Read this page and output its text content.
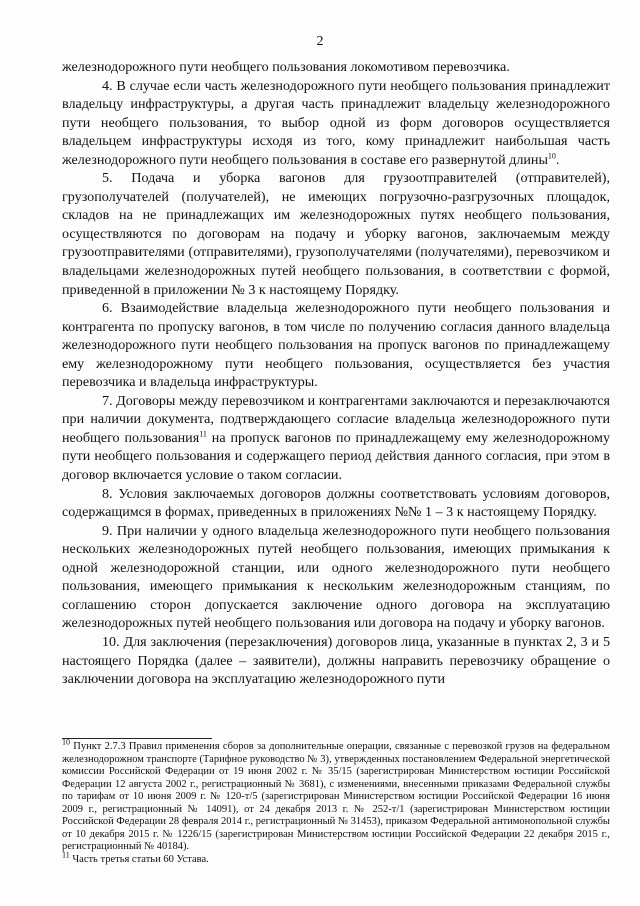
2

железнодорожного пути необщего пользования локомотивом перевозчика.

4. В случае если часть железнодорожного пути необщего пользования принадлежит владельцу инфраструктуры, а другая часть принадлежит владельцу железнодорожного пути необщего пользования, то выбор одной из форм договоров осуществляется владельцем инфраструктуры исходя из того, кому принадлежит наибольшая часть железнодорожного пути необщего пользования в составе его развернутой длины$^{10}$.

5. Подача и уборка вагонов для грузоотправителей (отправителей), грузополучателей (получателей), не имеющих погрузочно-разгрузочных площадок, складов на не принадлежащих им железнодорожных путях необщего пользования, осуществляются по договорам на подачу и уборку вагонов, заключаемым между грузоотправителями (отправителями), грузополучателями (получателями), перевозчиком и владельцами железнодорожных путей необщего пользования, в соответствии с формой, приведенной в приложении № 3 к настоящему Порядку.

6. Взаимодействие владельца железнодорожного пути необщего пользования и контрагента по пропуску вагонов, в том числе по получению согласия данного владельца железнодорожного пути необщего пользования на пропуск вагонов по принадлежащему ему железнодорожному пути необщего пользования, осуществляется без участия перевозчика и владельца инфраструктуры.

7. Договоры между перевозчиком и контрагентами заключаются и перезаключаются при наличии документа, подтверждающего согласие владельца железнодорожного пути необщего пользования$^{11}$ на пропуск вагонов по принадлежащему ему железнодорожному пути необщего пользования и содержащего период действия данного согласия, при этом в договор включается условие о таком согласии.

8. Условия заключаемых договоров должны соответствовать условиям договоров, содержащимся в формах, приведенных в приложениях №№ 1 – 3 к настоящему Порядку.

9. При наличии у одного владельца железнодорожного пути необщего пользования нескольких железнодорожных путей необщего пользования, имеющих примыкания к одной железнодорожной станции, или одного железнодорожного пути необщего пользования, имеющего примыкания к нескольким железнодорожным станциям, по соглашению сторон допускается заключение одного договора на эксплуатацию железнодорожных путей необщего пользования или договора на подачу и уборку вагонов.

10. Для заключения (перезаключения) договоров лица, указанные в пунктах 2, 3 и 5 настоящего Порядка (далее – заявители), должны направить перевозчику обращение о заключении договора на эксплуатацию железнодорожного пути

$^{10}$ Пункт 2.7.3 Правил применения сборов за дополнительные операции, связанные с перевозкой грузов на федеральном железнодорожном транспорте (Тарифное руководство № 3), утвержденных постановлением Федеральной энергетической комиссии Российской Федерации от 19 июня 2002 г. № 35/15 (зарегистрирован Министерством юстиции Российской Федерации 12 августа 2002 г., регистрационный № 3681), с изменениями, внесенными приказами Федеральной службы по тарифам от 10 июня 2009 г. № 120-т/5 (зарегистрирован Министерством юстиции Российской Федерации 16 июня 2009 г., регистрационный № 14091), от 24 декабря 2013 г. № 252-т/1 (зарегистрирован Министерством юстиции Российской Федерации 28 февраля 2014 г., регистрационный № 31453), приказом Федеральной антимонопольной службы от 10 декабря 2015 г. № 1226/15 (зарегистрирован Министерством юстиции Российской Федерации 22 декабря 2015 г., регистрационный № 40184).

$^{11}$ Часть третья статьи 60 Устава.
